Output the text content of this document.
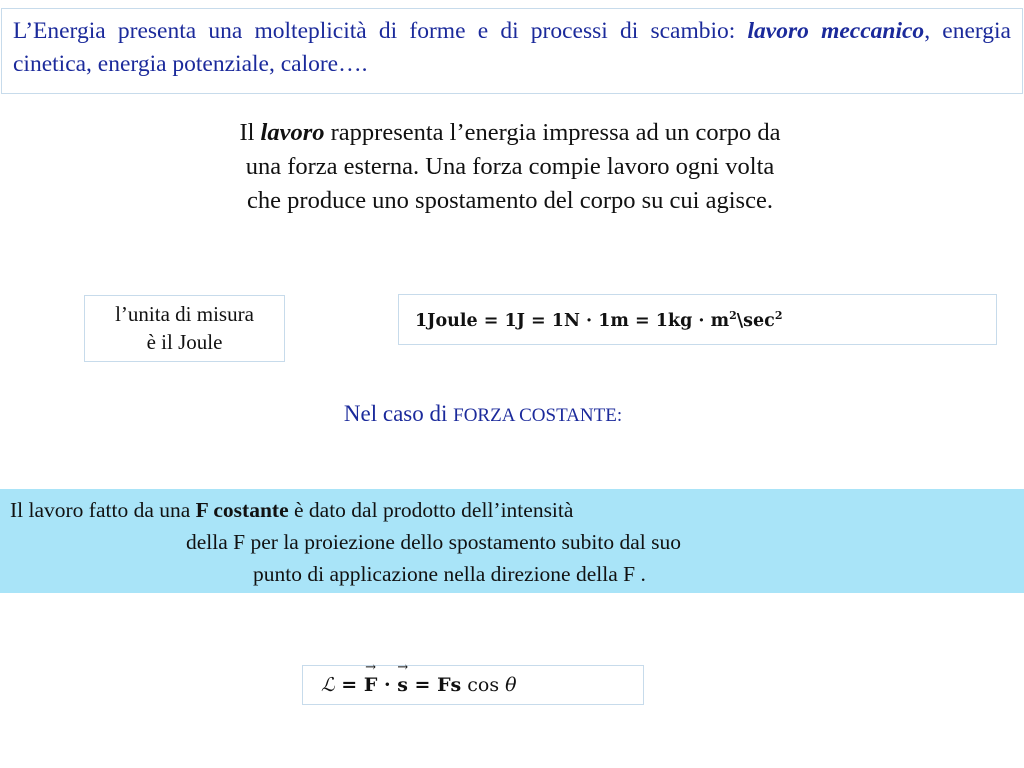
L’Energia presenta una molteplicità di forme e di processi di scambio: lavoro meccanico, energia cinetica, energia potenziale, calore….
Il lavoro rappresenta l’energia impressa ad un corpo da
una forza esterna. Una forza compie lavoro ogni volta
che produce uno spostamento del corpo su cui agisce.
l’unita di misura
è il Joule
1Joule = $1J = 1N \cdot 1m = 1kg \cdot m^2\backslash\sec^2$
Nel caso di FORZA COSTANTE:
Il lavoro fatto da una F costante è dato dal prodotto dell’intensità
della F per la proiezione dello spostamento subito dal suo
punto di applicazione nella direzione della F .
ℒ = F → · s → = Fs cos θ
